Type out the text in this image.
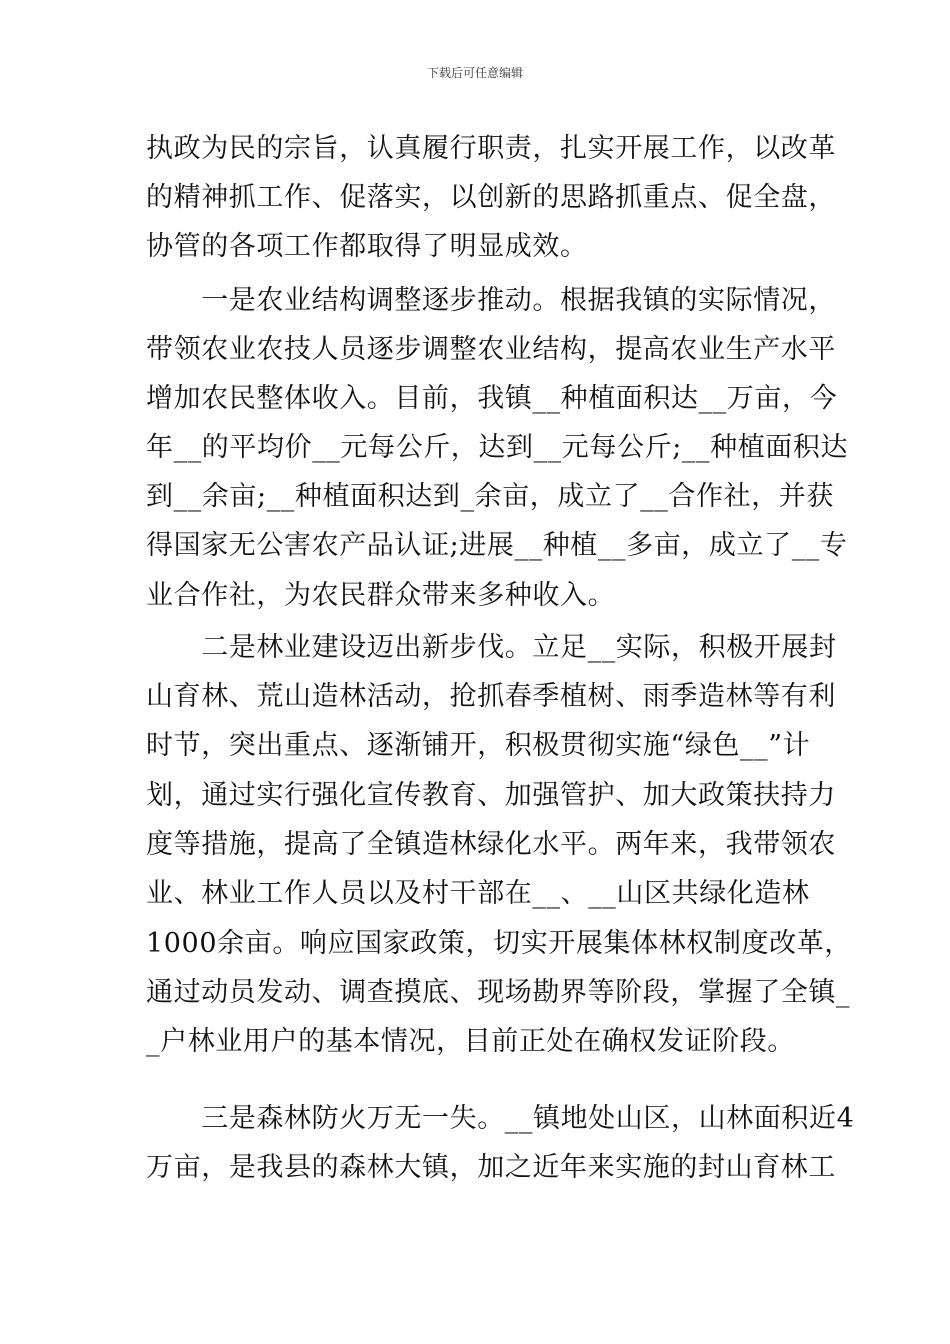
下载后可任意编辑
执政为民的宗旨，认真履行职责，扎实开展工作，以改革
的精神抓工作、促落实，以创新的思路抓重点、促全盘，
协管的各项工作都取得了明显成效。
　　一是农业结构调整逐步推动。根据我镇的实际情况，
带领农业农技人员逐步调整农业结构，提高农业生产水平
增加农民整体收入。目前，我镇__种植面积达__万亩，今
年__的平均价__元每公斤，达到__元每公斤;__种植面积达
到__余亩;__种植面积达到_余亩，成立了__合作社，并获
得国家无公害农产品认证;进展__种植__多亩，成立了__专
业合作社，为农民群众带来多种收入。
　　二是林业建设迈出新步伐。立足__实际，积极开展封
山育林、荒山造林活动，抢抓春季植树、雨季造林等有利
时节，突出重点、逐渐铺开，积极贯彻实施“绿色__”计
划，通过实行强化宣传教育、加强管护、加大政策扶持力
度等措施，提高了全镇造林绿化水平。两年来，我带领农
业、林业工作人员以及村干部在__、__山区共绿化造林
1000余亩。响应国家政策，切实开展集体林权制度改革，
通过动员发动、调查摸底、现场勘界等阶段，掌握了全镇_
_户林业用户的基本情况，目前正处在确权发证阶段。
　　三是森林防火万无一失。__镇地处山区，山林面积近4
万亩，是我县的森林大镇，加之近年来实施的封山育林工
